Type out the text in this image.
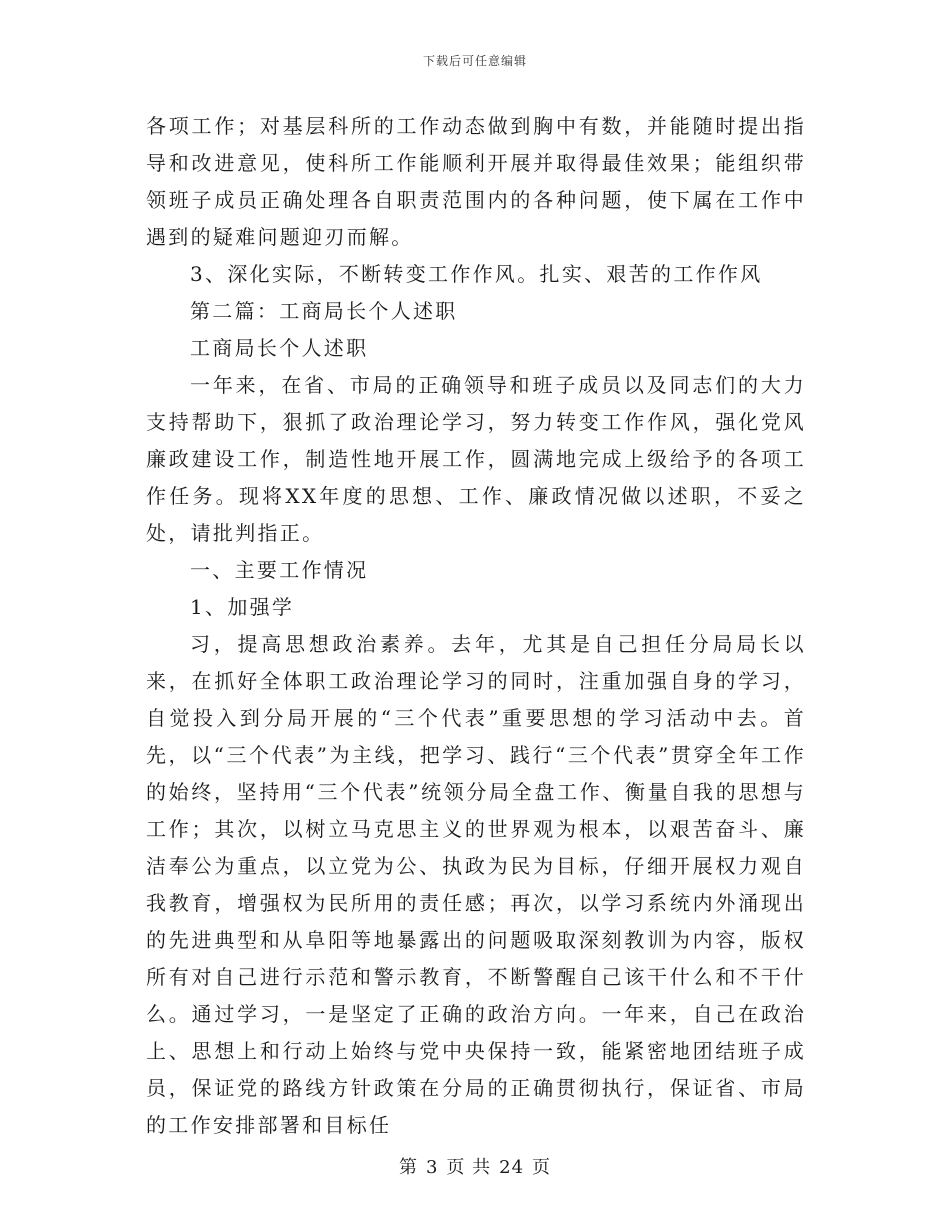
下载后可任意编辑

各项工作；对基层科所的工作动态做到胸中有数，并能随时提出指导和改进意见，使科所工作能顺利开展并取得最佳效果；能组织带领班子成员正确处理各自职责范围内的各种问题，使下属在工作中遇到的疑难问题迎刃而解。

3、深化实际，不断转变工作作风。扎实、艰苦的工作作风

第二篇：工商局长个人述职

工商局长个人述职

一年来，在省、市局的正确领导和班子成员以及同志们的大力支持帮助下，狠抓了政治理论学习，努力转变工作作风，强化党风廉政建设工作，制造性地开展工作，圆满地完成上级给予的各项工作任务。现将XX年度的思想、工作、廉政情况做以述职，不妥之处，请批判指正。

一、主要工作情况

1、加强学

习，提高思想政治素养。去年，尤其是自己担任分局局长以来，在抓好全体职工政治理论学习的同时，注重加强自身的学习，自觉投入到分局开展的“三个代表”重要思想的学习活动中去。首先，以“三个代表”为主线，把学习、践行“三个代表”贯穿全年工作的始终，坚持用“三个代表”统领分局全盘工作、衡量自我的思想与工作；其次，以树立马克思主义的世界观为根本，以艰苦奋斗、廉洁奉公为重点，以立党为公、执政为民为目标，仔细开展权力观自我教育，增强权为民所用的责任感；再次，以学习系统内外涌现出的先进典型和从阜阳等地暴露出的问题吸取深刻教训为内容，版权所有对自己进行示范和警示教育，不断警醒自己该干什么和不干什么。通过学习，一是坚定了正确的政治方向。一年来，自己在政治上、思想上和行动上始终与党中央保持一致，能紧密地团结班子成员，保证党的路线方针政策在分局的正确贯彻执行，保证省、市局的工作安排部署和目标任

第 3 页 共 24 页
